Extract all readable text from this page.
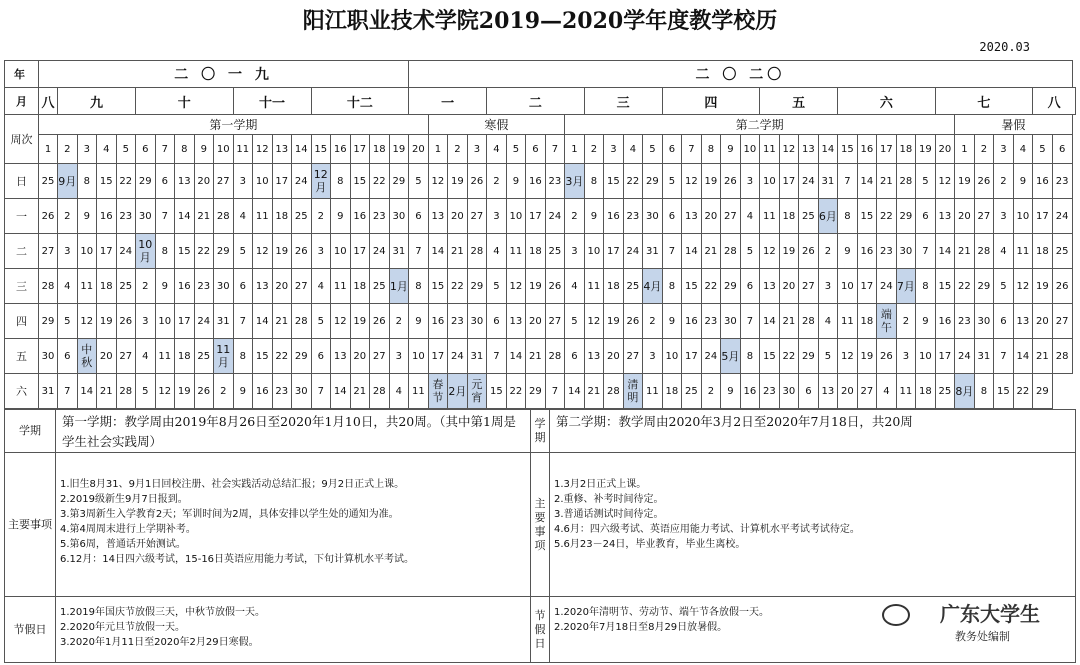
阳江职业技术学院2019—2020学年度教学校历
2020.03
年	二 〇 一 九																			二 〇 二〇																																	
月	八	九				十					十一				十二					一				二					三				四					五				六					七					八	
周次	第一学期																				寒假							第二学期																				暑假					
	1	2	3	4	5	6	7	8	9	10	11	12	13	14	15	16	17	18	19	20	1	2	3	4	5	6	7	1	2	3	4	5	6	7	8	9	10	11	12	13	14	15	16	17	18	19	20	1	2	3	4	5	6
日	25	9月	8	15	22	29	6	13	20	27	3	10	17	24	12月	8	15	22	29	5	12	19	26	2	9	16	23	3月	8	15	22	29	5	12	19	26	3	10	17	24	31	7	14	21	28	5	12	19	26	2	9	16	23
一	26	2	9	16	23	30	7	14	21	28	4	11	18	25	2	9	16	23	30	6	13	20	27	3	10	17	24	2	9	16	23	30	6	13	20	27	4	11	18	25	6月	8	15	22	29	6	13	20	27	3	10	17	24
二	27	3	10	17	24	10月	8	15	22	29	5	12	19	26	3	10	17	24	31	7	14	21	28	4	11	18	25	3	10	17	24	31	7	14	21	28	5	12	19	26	2	9	16	23	30	7	14	21	28	4	11	18	25
三	28	4	11	18	25	2	9	16	23	30	6	13	20	27	4	11	18	25	1月	8	15	22	29	5	12	19	26	4	11	18	25	4月	8	15	22	29	6	13	20	27	3	10	17	24	7月	8	15	22	29	5	12	19	26
四	29	5	12	19	26	3	10	17	24	31	7	14	21	28	5	12	19	26	2	9	16	23	30	6	13	20	27	5	12	19	26	2	9	16	23	30	7	14	21	28	4	11	18	端午	2	9	16	23	30	6	13	20	27
五	30	6	中秋	20	27	4	11	18	25	11月	8	15	22	29	6	13	20	27	3	10	17	24	31	7	14	21	28	6	13	20	27	3	10	17	24	5月	8	15	22	29	5	12	19	26	3	10	17	24	31	7	14	21	28
六	31	7	14	21	28	5	12	19	26	2	9	16	23	30	7	14	21	28	4	11	春节	2月	元宵	15	22	29	7	14	21	28	清明	11	18	25	2	9	16	23	30	6	13	20	27	4	11	18	25	8月	8	15	22	29	
学期
第一学期：教学周由2019年8月26日至2020年1月10日，共20周。（其中第1周是学生社会实践周）
学期
第二学期：教学周由2020年3月2日至2020年7月18日，共20周
主要事项
1.旧生8月31、9月1日回校注册、社会实践活动总结汇报；9月2日正式上课。
2.2019级新生9月7日报到。
3.第3周新生入学教育2天；军训时间为2周，具体安排以学生处的通知为准。
4.第4周周末进行上学期补考。
5.第6周，普通话开始测试。
6.12月：14日四六级考试，15-16日英语应用能力考试，下旬计算机水平考试。
主要事项
1.3月2日正式上课。
2.重修、补考时间待定。
3.普通话测试时间待定。
4.6月：四六级考试、英语应用能力考试、计算机水平考试考试待定。
5.6月23－24日，毕业教育，毕业生离校。
节假日
1.2019年国庆节放假三天，中秋节放假一天。
2.2020年元旦节放假一天。
3.2020年1月11日至2020年2月29日寒假。
节假日
1.2020年清明节、劳动节、端午节各放假一天。
2.2020年7月18日至8月29日放暑假。
广东大学生
教务处编制
